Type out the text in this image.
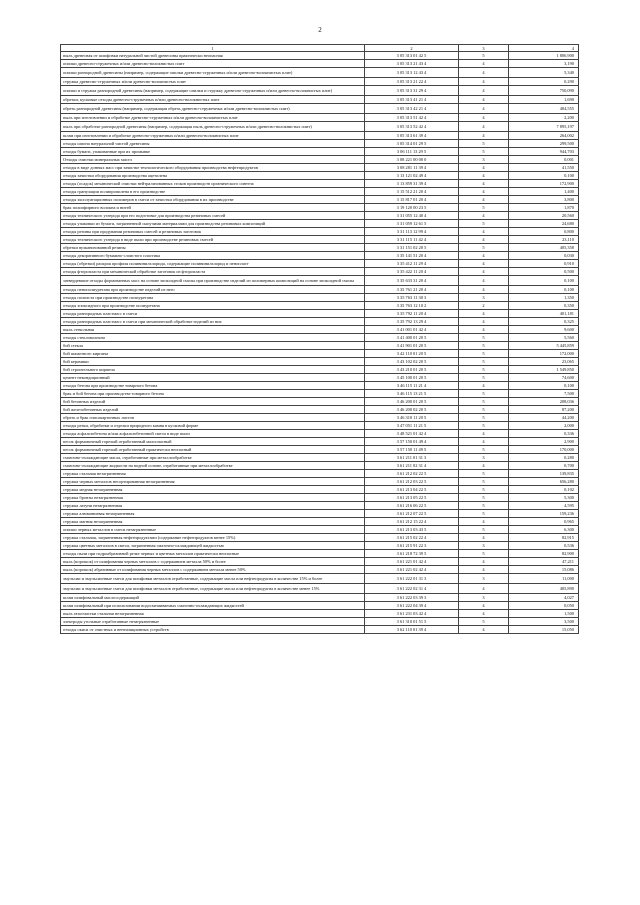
2
1	2	3	4
пыль древесная от шлифовки натуральной чистой древесины практически неопасная	3 05 313 01 42 5	5	1 806,900
опилки древесно-стружечных и/или древесно-волокнистых плит	3 05 313 21 43 4	4	3,190
опилки разнородной древесины (например, содержащие опилки древесно-стружечных и/или древесно-волокнистых плит)	3 05 313 12 43 4	4	5,340
стружка древесно-стружечных и/или древесно-волокнистых плит	3 05 313 21 22 4	4	0,290
опилки и стружка разнородной древесины (например, содержащие опилки и стружку древесно-стружечных и/или древесно-волокнистых плит)	3 05 313 31 29 4	4	750,090
обрезки, кусковые отходы древесно-стружечных и/или древесно-волокнистых плит	3 05 313 41 21 4	4	1,690
обрезь разнородной древесины (например, содержащая обрезь древесно-стружечных и/или древесно-волокнистых плит)	3 05 313 42 21 4	4	404,555
пыль при изготовлении и обработке древесно-стружечных и/или древесно-волокнистых плит	3 05 313 51 42 4	4	2,200
пыль при обработке разнородной древесины (например, содержащая пыль древесно-стружечных и/или древесно-волокнистых плит)	3 05 313 52 42 4	4	7 895,197
шлам при изготовлении и обработке древесно-стружечных и/или древесно-волокнистых плит	3 05 313 61 39 4	4	264,002
отходы шпона натуральной чистой древесины	3 05 314 01 29 5	5	299,500
отходы бумаги, упакованные при их промывке	3 06 111 13 29 5	5	944,703
Отходы очистки минеральных масел	3 08 221 00 00 0	3	0,001
отходы в виде донных масс при зачистке технологического оборудования производства нефтепродуктов	3 08 281 11 39 4	4	41,550
отходы зачистки оборудования производства ацетилена	3 13 121 02 49 4	4	0,100
отходы (осадок) механической очистки нейтрализованных стоков производств органического синтеза	3 13 859 31 39 4	4	172,900
отходы гранулации полипропилена в его производстве	3 15 512 21 20 4	4	1,400
отходы эксплуатационных полимеров в смеси от зачистки оборудования в их производстве	3 15 817 01 20 4	4	3,800
брак полиэфирного волокна и нитей	3 19 120 00 23 5	5	1,870
отходы технического углерода при его подготовке для производства резиновых смесей	3 31 055 12 40 4	4	20,560
отходы упаковки из бумаги, загрязненной сыпучими материалами для производства резиновых композиций	3 31 059 12 61 5	5	24,680
отходы резины при продувании резиновых смесей и резиновых заготовок	3 31 113 12 99 4	4	0,800
отходы технического углерода в виде пыли при производстве резиновых смесей	3 31 115 11 42 4	4	23,110
обрезки вулканизованной резины	3 31 151 02 20 5	5	405,358
отходы декоративного бумажно-слоистого пластика	3 35 141 51 20 4	4	0,030
отходы (обрезки) раскроя профиля поливинилхлорида, содержащие поливинилхлорид и пенопласт	3 35 412 11 29 4	4	0,910
отходы фторопласта при механической обработке заготовок из фторопласта	3 35 422 11 20 4	4	0,500
затвердевшие отходы формованных масс на основе эпоксидной смолы при производстве изделий из полимерных композиций на основе эпоксидной смолы	3 35 633 31 20 4	4	0,100
отходы пенополиуретана при производстве изделий из него	3 35 761 21 20 4	4	0,100
отходы полиэста при производстве полиуретана	3 35 763 11 30 3	3	1,350
отходы эпоксидного при производстве полиуретана	3 35 763 12 10 2	2	0,350
отходы разнородных пластмасс в смеси	3 35 792 11 20 4	4	401,181
отходы разнородных пластмасс в смеси при механической обработке изделий из них	3 35 792 13 29 4	4	0,325
пыль стекольная	3 41 001 01 42 4	4	9,600
отходы стекловолокна	3 41 400 01 20 5	5	5,560
бой стекла	3 41 901 01 20 5	5	5 445,859
бой шамотного кирпича	3 42 110 01 20 5	5	172,000
бой керамики	3 43 102 02 20 5	5	23,065
бой строительного кирпича	3 43 210 01 20 5	5	1 549,850
цемент некондиционный	3 45 100 01 20 5	5	74,600
отходы бетона при производстве товарного бетона	3 46 115 11 21 4	4	0,100
брак и бой бетона при производстве товарного бетона	3 46 115 13 21 5	5	7,500
бой бетонных изделий	3 46 200 01 20 5	5	208,036
бой железобетонных изделий	3 46 200 02 20 5	5	87,200
обрезь и брак гипсокартонных листов	3 46 310 11 20 5	5	44,200
отходы резки, обработки и отделки природного камня в кусковой форме	3 47 051 11 21 5	5	2,000
отходы асфальтобетона и/или асфальтобетонной смеси в виде пыли	3 48 521 01 42 4	4	0,336
песок формовочный горелый отработанный малоопасный	3 57 150 01 49 4	4	2,900
песок формовочный горелый отработанный практически неопасный	3 57 150 11 49 5	5	170,000
смазочно-охлаждающие масла, отработанные при металлообработке	3 61 211 01 31 3	3	0,280
смазочно-охлаждающие жидкости на водной основе, отработанные при металлообработке	3 61 211 02 31 4	4	0,700
стружка стальная незагрязненная	3 61 212 02 22 5	5	139,835
стружка черных металлов несортированная незагрязненная	3 61 212 03 22 5	5	656,280
стружка медная незагрязненная	3 61 213 04 22 5	5	0,102
стружка бронзы незагрязненная	3 61 213 05 22 5	5	5,300
стружка латуни незагрязненная	3 61 216 06 22 5	5	4,595
стружка алюминиевая незагрязненная	3 61 212 07 22 5	5	159,236
стружка магния незагрязненная	3 61 212 15 22 4	4	0,965
опилки черных металлов в смеси незагрязненные	3 61 213 03 43 5	5	6,300
стружка стальная, загрязненная нефтепродуктами (содержание нефтепродуктов менее 15%)	3 61 215 02 22 4	4	82,915
стружка цветных металлов в смеси, загрязненная смазочно-охлаждающей жидкостью	3 61 215 91 22 3	3	0,536
отходы пыли при гидроабразивной резке черных и цветных металлов практически неопасные	3 61 218 72 39 5	5	82,900
пыль (порошок) от шлифования черных металлов с содержанием металла 50% и более	3 61 221 01 42 4	4	47,211
пыль (порошок) абразивные от шлифования черных металлов с содержанием металла менее 50%	3 61 221 02 42 4	4	15,086
эмульсии и эмульсионные смеси для шлифовки металлов отработанные, содержащие масла или нефтепродукты в количестве 15% и более	3 61 222 01 31 3	3	11,000
эмульсии и эмульсионные смеси для шлифовки металлов отработанные, содержащие масла или нефтепродукты в количестве менее 15%	3 61 222 02 31 4	4	405,890
шлам шлифовальный маслосодержащий	3 61 222 03 39 3	3	4,027
шлам шлифовальный при использовании водосмешиваемых смазочно-охлаждающих жидкостей	3 61 222 04 39 4	4	0,050
пыль газоочистки стальная незагрязненная	3 61 231 03 42 4	4	1,500
электроды угольные отработанные незагрязненные	3 61 310 01 51 5	5	3,500
отходы окиси от очистных и вентиляционных устройств	3 62 110 01 39 4	4	15,050
